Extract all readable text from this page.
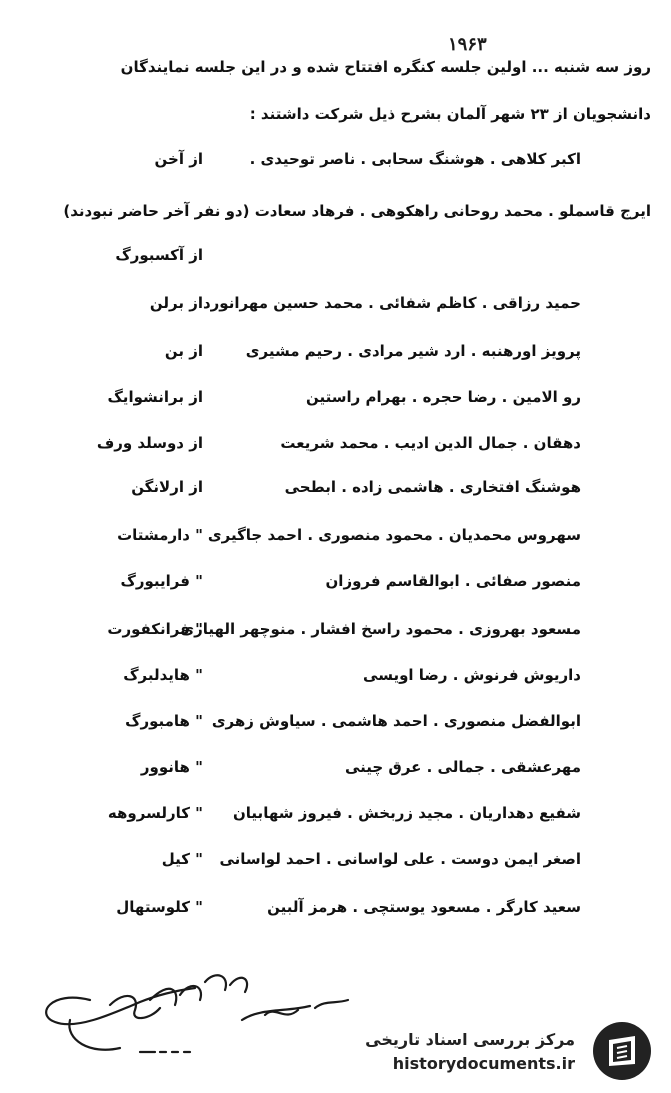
۱۹۶۳
روز سه شنبه ... اولین جلسه کنگره افتتاح شده و در این جلسه نمایندگان
دانشجویان از ۲۳ شهر آلمان بشرح ذیل شرکت داشتند :
اکبر کلاهی . هوشنگ سحابی . ناصر توحیدی .
از آخن
ایرج قاسملو . محمد روحانی راهکوهی . فرهاد سعادت (دو نفر آخر حاضر نبودند)
از آکسبورگ
حمید رزاقی . کاظم شفائی . محمد حسین مهرانورد
از برلن
پرویز اورهنبه . ارد شیر مرادی . رحیم مشیری
از بن
رو الامین . رضا حجره . بهرام راستین
از برانشوایگ
دهقان . جمال الدین ادیب . محمد شریعت
از دوسلد ورف
هوشنگ افتخاری . هاشمی زاده . ابطحی
از ارلانگن
سهروس محمدیان . محمود منصوری . احمد جاگیری
" دارمشتات
منصور صفائی . ابوالقاسم فروزان
" فرایبورگ
مسعود بهروزی . محمود راسخ افشار . منوچهر الهیاری
" فرانکفورت
داریوش فرنوش . رضا اویسی
" هایدلبرگ
ابوالفضل منصوری . احمد هاشمی . سیاوش زهری
" هامبورگ
مهرعشقی . جمالی . عرق چینی
" هانوور
شفیع دهداریان . مجید زربخش . فیروز شهابیان
" کارلسروهه
اصغر ایمن دوست . علی لواسانی . احمد لواسانی
" کیل
سعید کارگر . مسعود یوستچی . هرمز آلبین
" کلوستهال
مرکز بررسی اسناد تاریخی
historydocuments.ir
